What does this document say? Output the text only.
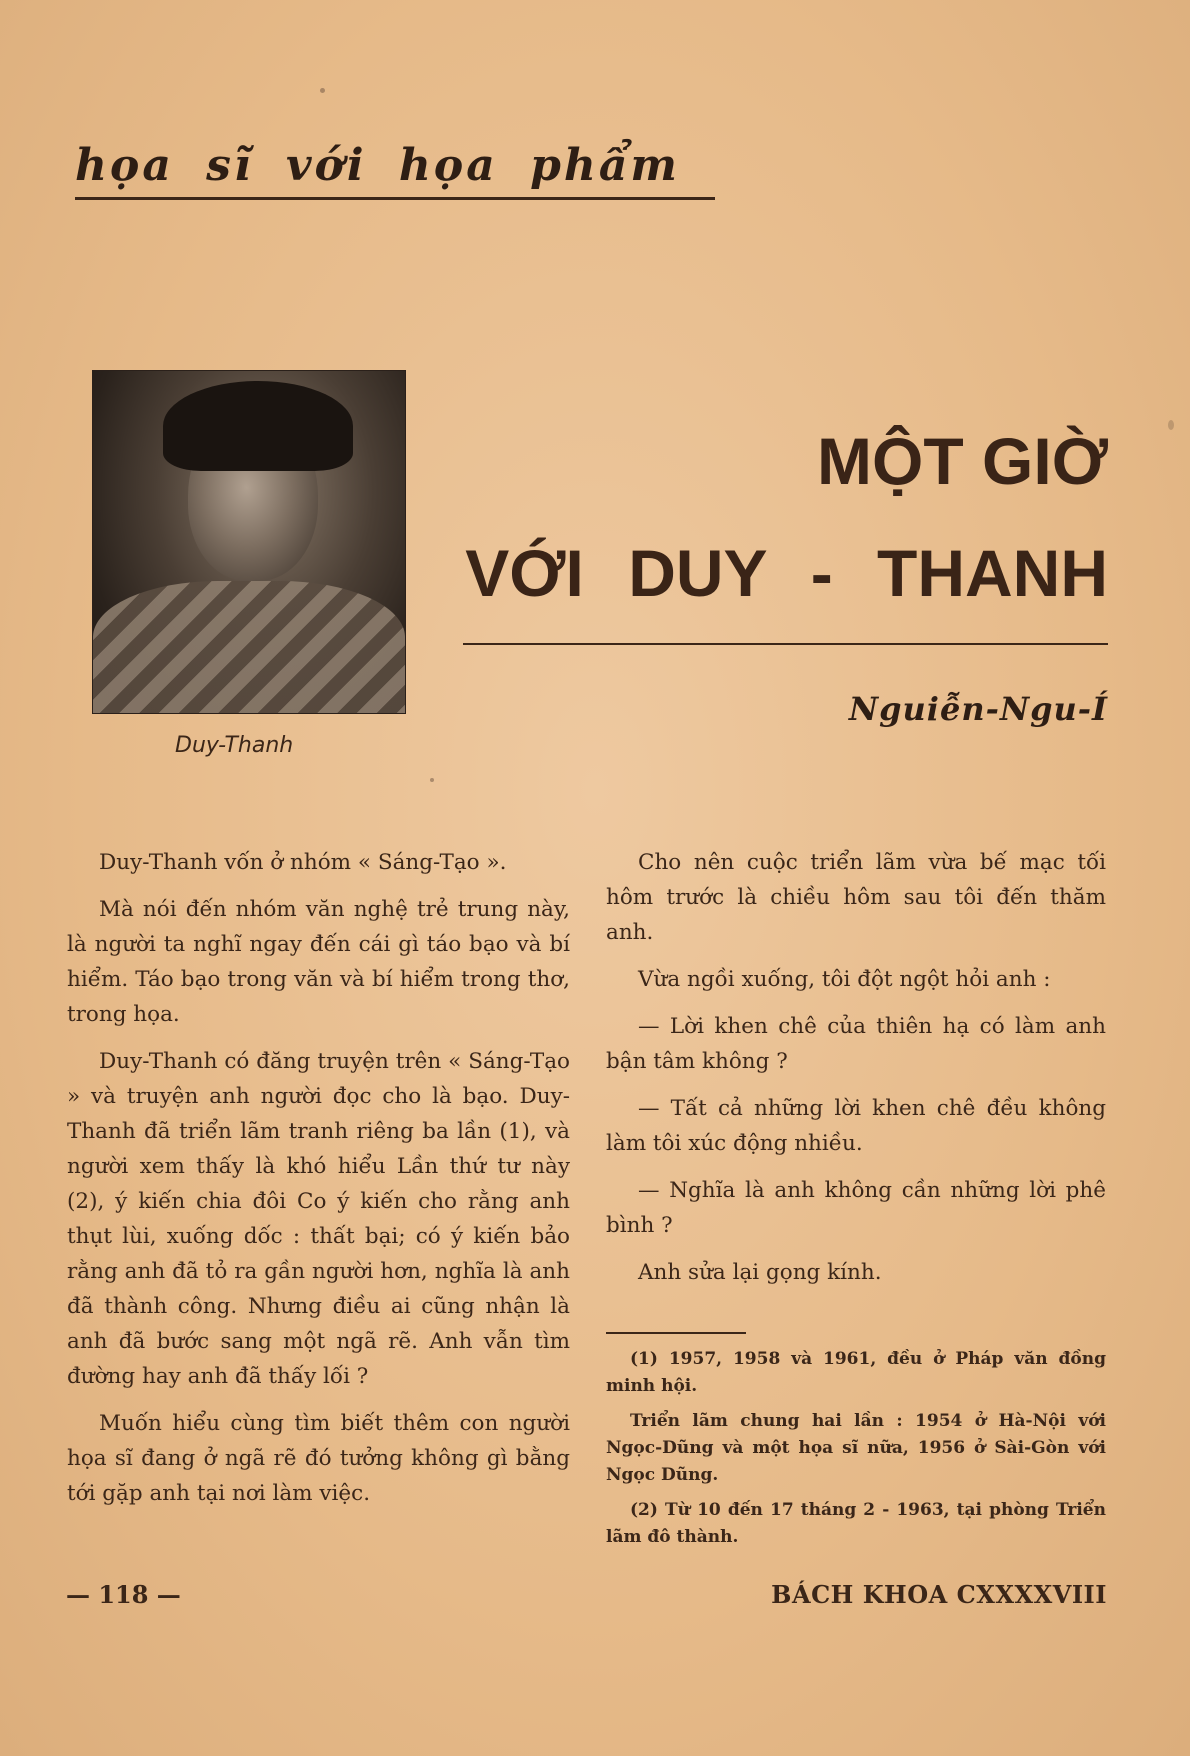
họa sĩ với họa phẩm
Duy-Thanh
MỘT GIỜ
VỚI DUY - THANH
Nguiễn-Ngu-Í

Duy-Thanh vốn ở nhóm « Sáng-Tạo ».

Mà nói đến nhóm văn nghệ trẻ trung này, là người ta nghĩ ngay đến cái gì táo bạo và bí hiểm. Táo bạo trong văn và bí hiểm trong thơ, trong họa.

Duy-Thanh có đăng truyện trên « Sáng-Tạo » và truyện anh người đọc cho là bạo. Duy-Thanh đã triển lãm tranh riêng ba lần (1), và người xem thấy là khó hiểu Lần thứ tư này (2), ý kiến chia đôi Co ý kiến cho rằng anh thụt lùi, xuống dốc : thất bại; có ý kiến bảo rằng anh đã tỏ ra gần người hơn, nghĩa là anh đã thành công. Nhưng điều ai cũng nhận là anh đã bước sang một ngã rẽ. Anh vẫn tìm đường hay anh đã thấy lối ?

Muốn hiểu cùng tìm biết thêm con người họa sĩ đang ở ngã rẽ đó tưởng không gì bằng tới gặp anh tại nơi làm việc.

Cho nên cuộc triển lãm vừa bế mạc tối hôm trước là chiều hôm sau tôi đến thăm anh.

Vừa ngồi xuống, tôi đột ngột hỏi anh :

— Lời khen chê của thiên hạ có làm anh bận tâm không ?

— Tất cả những lời khen chê đều không làm tôi xúc động nhiều.

— Nghĩa là anh không cần những lời phê bình ?

Anh sửa lại gọng kính.

(1) 1957, 1958 và 1961, đều ở Pháp văn đồng minh hội.

Triển lãm chung hai lần : 1954 ở Hà-Nội với Ngọc-Dũng và một họa sĩ nữa, 1956 ở Sài-Gòn với Ngọc Dũng.

(2) Từ 10 đến 17 tháng 2 - 1963, tại phòng Triển lãm đô thành.

— 118 —	BÁCH KHOA CXXXXVIII
